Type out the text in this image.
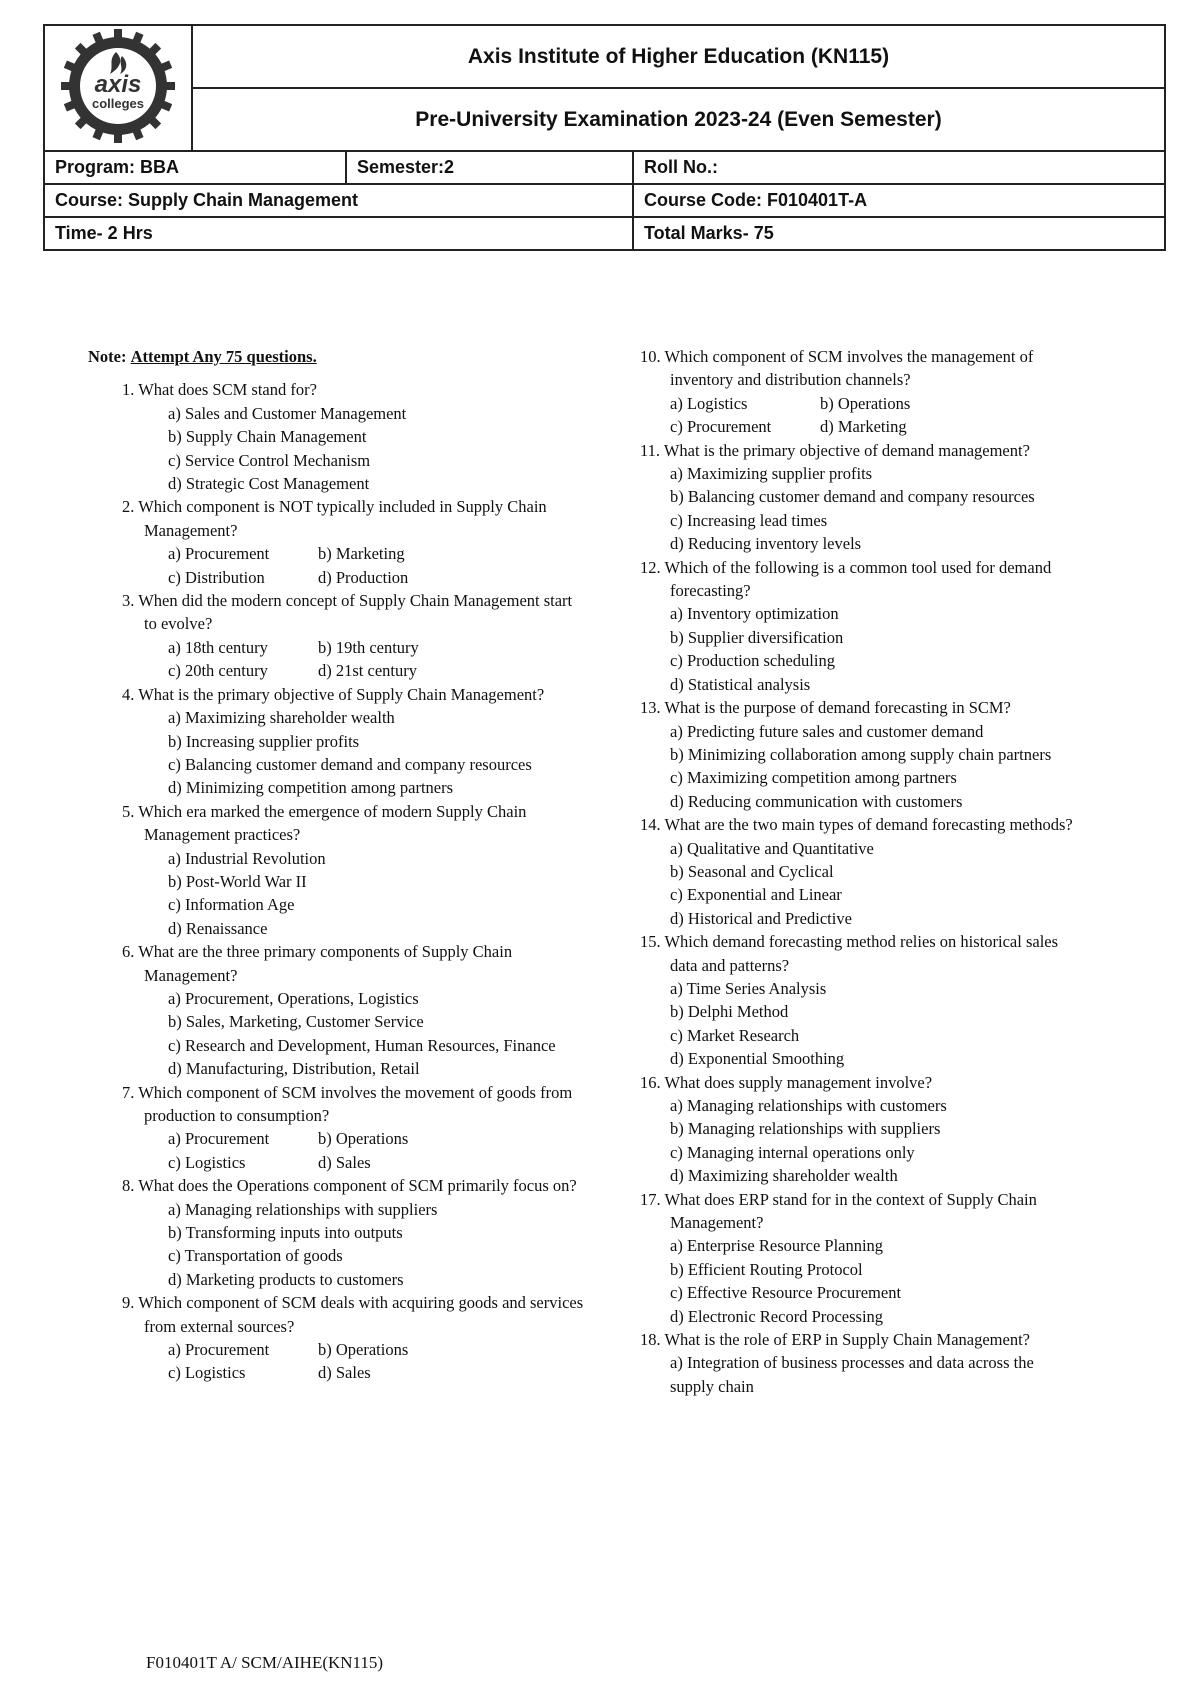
axis
colleges	Axis Institute of Higher Education (KN115)		
	Pre-University Examination 2023-24 (Even Semester)		
Program: BBA		Semester:2	Roll No.:
Course: Supply Chain Management			Course Code: F010401T-A
Time- 2 Hrs			Total Marks- 75
Note: Attempt Any 75 questions.
1. What does SCM stand for?
a) Sales and Customer Management
b) Supply Chain Management
c) Service Control Mechanism
d) Strategic Cost Management
2. Which component is NOT typically included in Supply Chain Management?
a) Procurement	b) Marketing
c) Distribution	d) Production
3. When did the modern concept of Supply Chain Management start to evolve?
a) 18th century	b) 19th century
c) 20th century	d) 21st century
4. What is the primary objective of Supply Chain Management?
a) Maximizing shareholder wealth
b) Increasing supplier profits
c) Balancing customer demand and company resources
d) Minimizing competition among partners
5. Which era marked the emergence of modern Supply Chain Management practices?
a) Industrial Revolution
b) Post-World War II
c) Information Age
d) Renaissance
6. What are the three primary components of Supply Chain Management?
a) Procurement, Operations, Logistics
b) Sales, Marketing, Customer Service
c) Research and Development, Human Resources, Finance
d) Manufacturing, Distribution, Retail
7. Which component of SCM involves the movement of goods from production to consumption?
a) Procurement	b) Operations
c) Logistics	d) Sales
8. What does the Operations component of SCM primarily focus on?
a) Managing relationships with suppliers
b) Transforming inputs into outputs
c) Transportation of goods
d) Marketing products to customers
9. Which component of SCM deals with acquiring goods and services from external sources?
a) Procurement	b) Operations
c) Logistics	d) Sales
10. Which component of SCM involves the management of inventory and distribution channels?
a) Logistics	b) Operations
c) Procurement	d) Marketing
11. What is the primary objective of demand management?
a) Maximizing supplier profits
b) Balancing customer demand and company resources
c) Increasing lead times
d) Reducing inventory levels
12. Which of the following is a common tool used for demand forecasting?
a) Inventory optimization
b) Supplier diversification
c) Production scheduling
d) Statistical analysis
13. What is the purpose of demand forecasting in SCM?
a) Predicting future sales and customer demand
b) Minimizing collaboration among supply chain partners
c) Maximizing competition among partners
d) Reducing communication with customers
14. What are the two main types of demand forecasting methods?
a) Qualitative and Quantitative
b) Seasonal and Cyclical
c) Exponential and Linear
d) Historical and Predictive
15. Which demand forecasting method relies on historical sales data and patterns?
a) Time Series Analysis
b) Delphi Method
c) Market Research
d) Exponential Smoothing
16. What does supply management involve?
a) Managing relationships with customers
b) Managing relationships with suppliers
c) Managing internal operations only
d) Maximizing shareholder wealth
17. What does ERP stand for in the context of Supply Chain Management?
a) Enterprise Resource Planning
b) Efficient Routing Protocol
c) Effective Resource Procurement
d) Electronic Record Processing
18. What is the role of ERP in Supply Chain Management?
a) Integration of business processes and data across the supply chain
F010401T A/ SCM/AIHE(KN115)
